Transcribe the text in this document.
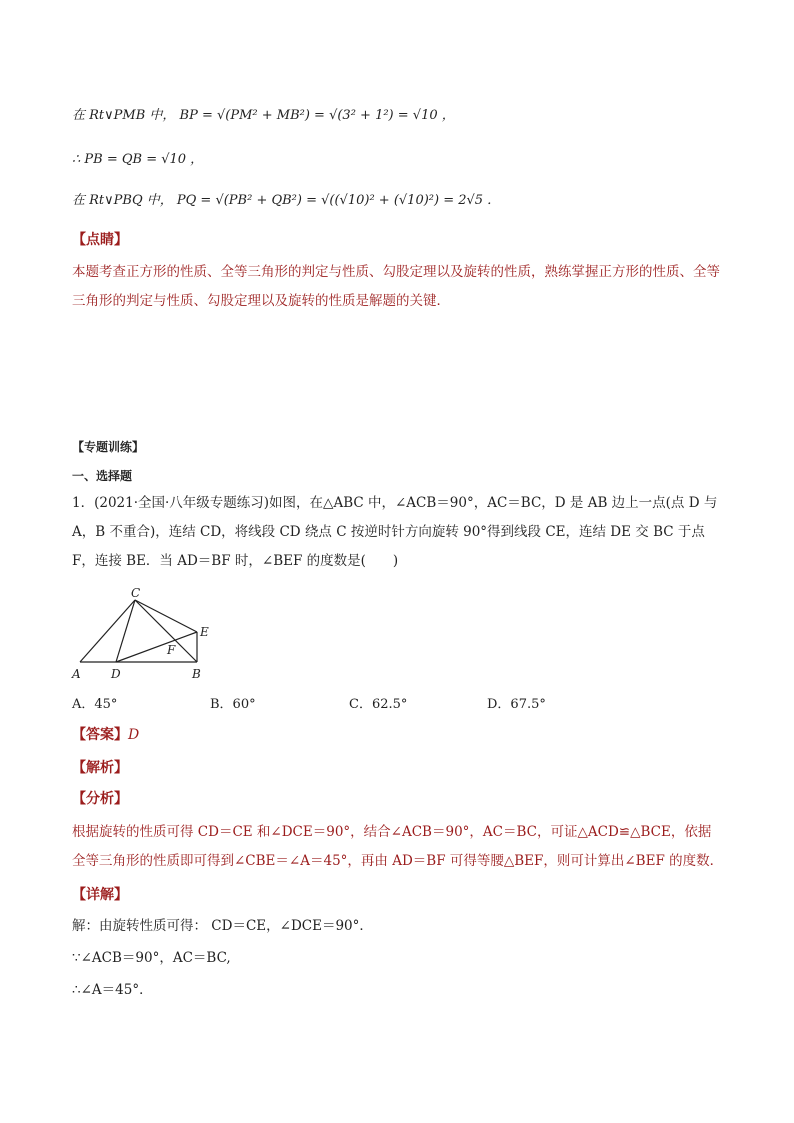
在 Rt∨PMB 中， BP = √(PM² + MB²) = √(3² + 1²) = √10 ，
∴ PB = QB = √10 ，
在 Rt∨PBQ 中， PQ = √(PB² + QB²) = √((√10)² + (√10)²) = 2√5 ．
【点睛】
本题考查正方形的性质、全等三角形的判定与性质、勾股定理以及旋转的性质，熟练掌握正方形的性质、全等三角形的判定与性质、勾股定理以及旋转的性质是解题的关键．
【专题训练】
一、选择题
1．(2021·全国·八年级专题练习)如图，在△ABC 中，∠ACB＝90°，AC＝BC，D 是 AB 边上一点(点 D 与 A，B 不重合)，连结 CD，将线段 CD 绕点 C 按逆时针方向旋转 90°得到线段 CE，连结 DE 交 BC 于点 F，连接 BE．当 AD＝BF 时，∠BEF 的度数是(　　)
C
E
F
A	D	B
A．45°	B．60°	C．62.5°	D．67.5°
【答案】D
【解析】
【分析】
根据旋转的性质可得 CD＝CE 和∠DCE＝90°，结合∠ACB＝90°，AC＝BC，可证△ACD≌△BCE，依据全等三角形的性质即可得到∠CBE＝∠A＝45°，再由 AD＝BF 可得等腰△BEF，则可计算出∠BEF 的度数．
【详解】
解：由旋转性质可得： CD＝CE，∠DCE＝90°．
∵∠ACB＝90°，AC＝BC,
∴∠A＝45°．
